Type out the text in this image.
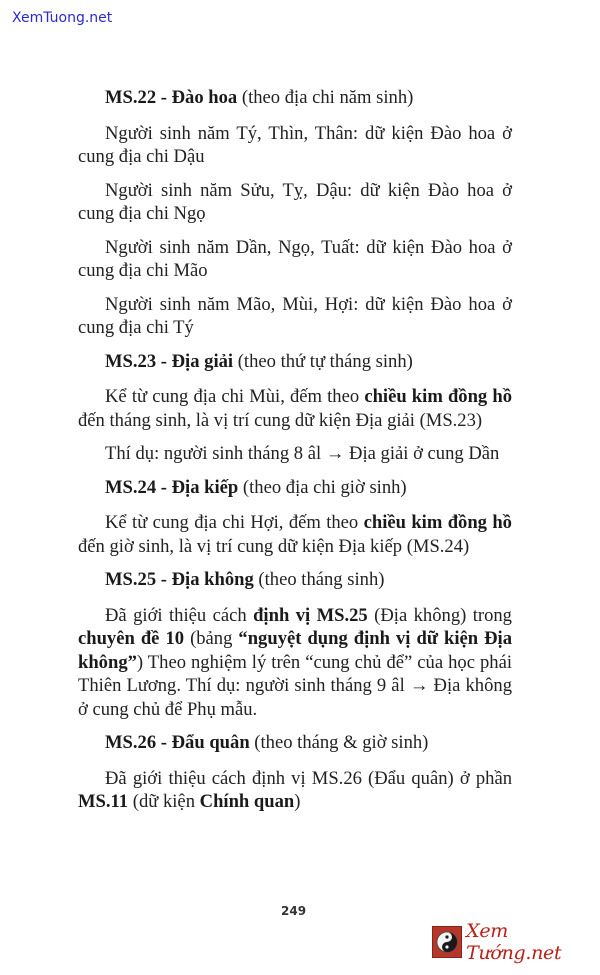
XemTuong.net
MS.22 - Đào hoa (theo địa chi năm sinh)

Người sinh năm Tý, Thìn, Thân: dữ kiện Đào hoa ở cung địa chi Dậu

Người sinh năm Sửu, Tỵ, Dậu: dữ kiện Đào hoa ở cung địa chi Ngọ

Người sinh năm Dần, Ngọ, Tuất: dữ kiện Đào hoa ở cung địa chi Mão

Người sinh năm Mão, Mùi, Hợi: dữ kiện Đào hoa ở cung địa chi Tý

MS.23 - Địa giải (theo thứ tự tháng sinh)

Kể từ cung địa chi Mùi, đếm theo chiều kim đồng hồ đến tháng sinh, là vị trí cung dữ kiện Địa giải (MS.23)

Thí dụ: người sinh tháng 8 âl → Địa giải ở cung Dần

MS.24 - Địa kiếp (theo địa chi giờ sinh)

Kể từ cung địa chi Hợi, đếm theo chiều kim đồng hồ đến giờ sinh, là vị trí cung dữ kiện Địa kiếp (MS.24)

MS.25 - Địa không (theo tháng sinh)

Đã giới thiệu cách định vị MS.25 (Địa không) trong chuyên đề 10 (bảng “nguyệt dụng định vị dữ kiện Địa không”) Theo nghiệm lý trên “cung chủ để” của học phái Thiên Lương. Thí dụ: người sinh tháng 9 âl → Địa không ở cung chủ để Phụ mẫu.

MS.26 - Đẩu quân (theo tháng & giờ sinh)

Đã giới thiệu cách định vị MS.26 (Đẩu quân) ở phần MS.11 (dữ kiện Chính quan)

249
Xem Tướng.net
